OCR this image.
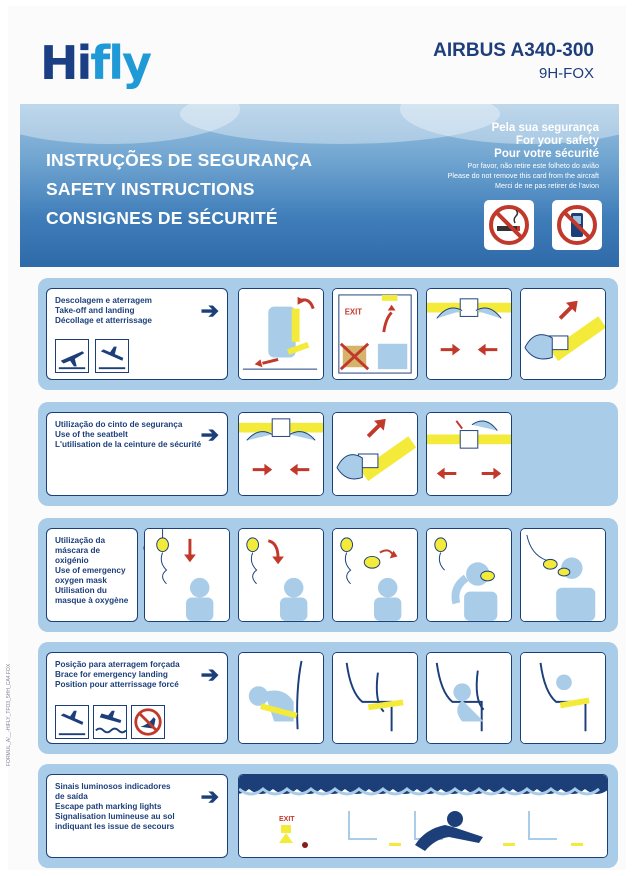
Hifly	AIRBUS A340-300
9H-FOX
INSTRUÇÕES DE SEGURANÇA
SAFETY INSTRUCTIONS
CONSIGNES DE SÉCURITÉ
Pela sua segurança
For your safety
Pour votre sécurité
Por favor, não retire este folheto do avião
Please do not remove this card from the aircraft
Merci de ne pas retirer de l'avion
Descolagem e aterragem
Take-off and landing
Décollage et atterrissage	➔	EXIT
Utilização do cinto de segurança
Use of the seatbelt
L'utilisation de la ceinture de sécurité ➔
Utilização da
máscara de
oxigénio
Use of emergency
oxygen mask
Utilisation du
masque à oxygène
Posição para aterragem forçada
Brace for emergency landing
Position pour atterrissage forcé ➔
Sinais luminosos indicadores
de saída
Escape path marking lights
Signalisation lumineuse au sol
indiquant les issue de secours
➔
EXIT
FORMUL_A/__-HIFLY_TFO3_5HH_CA4 FOX
